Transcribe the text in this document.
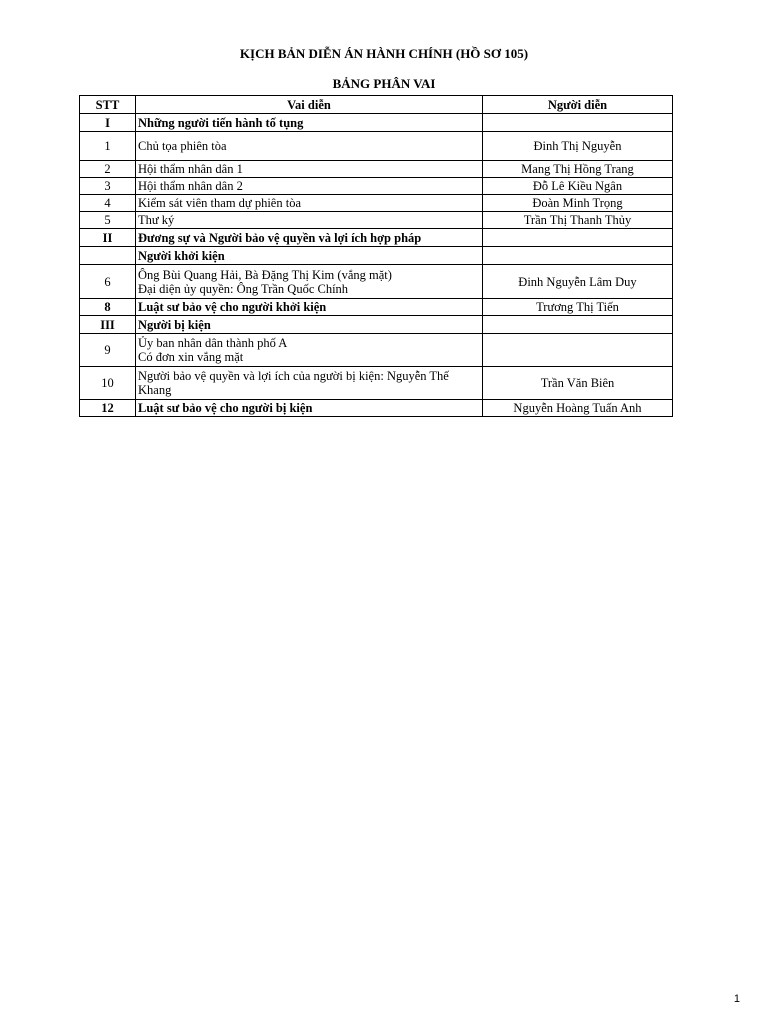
KỊCH BẢN DIỄN ÁN HÀNH CHÍNH (HỒ SƠ 105)
BẢNG PHÂN VAI
STT	Vai diễn	Người diễn
I	Những người tiến hành tố tụng	

1	Chủ tọa phiên tòa	Đinh Thị Nguyễn
2	Hội thẩm nhân dân 1	Mang Thị Hồng Trang
3	Hội thẩm nhân dân 2	Đỗ Lê Kiều Ngân
4	Kiểm sát viên tham dự phiên tòa	Đoàn Minh Trọng
5	Thư ký	Trần Thị Thanh Thủy
II	Đương sự và Người bảo vệ quyền và lợi ích hợp pháp	

	Người khởi kiện	

6	Ông Bùi Quang Hải, Bà Đặng Thị Kim (vắng mặt)
Đại diện ủy quyền: Ông Trần Quốc Chính	Đinh Nguyễn Lâm Duy
8	Luật sư bảo vệ cho người khởi kiện	Trương Thị Tiến
III	Người bị kiện	

9	Ủy ban nhân dân thành phố A
Có đơn xin vắng mặt	

10	Người bảo vệ quyền và lợi ích của người bị kiện: Nguyễn Thế
Khang	Trần Văn Biên
12	Luật sư bảo vệ cho người bị kiện	Nguyễn Hoàng Tuấn Anh
1
